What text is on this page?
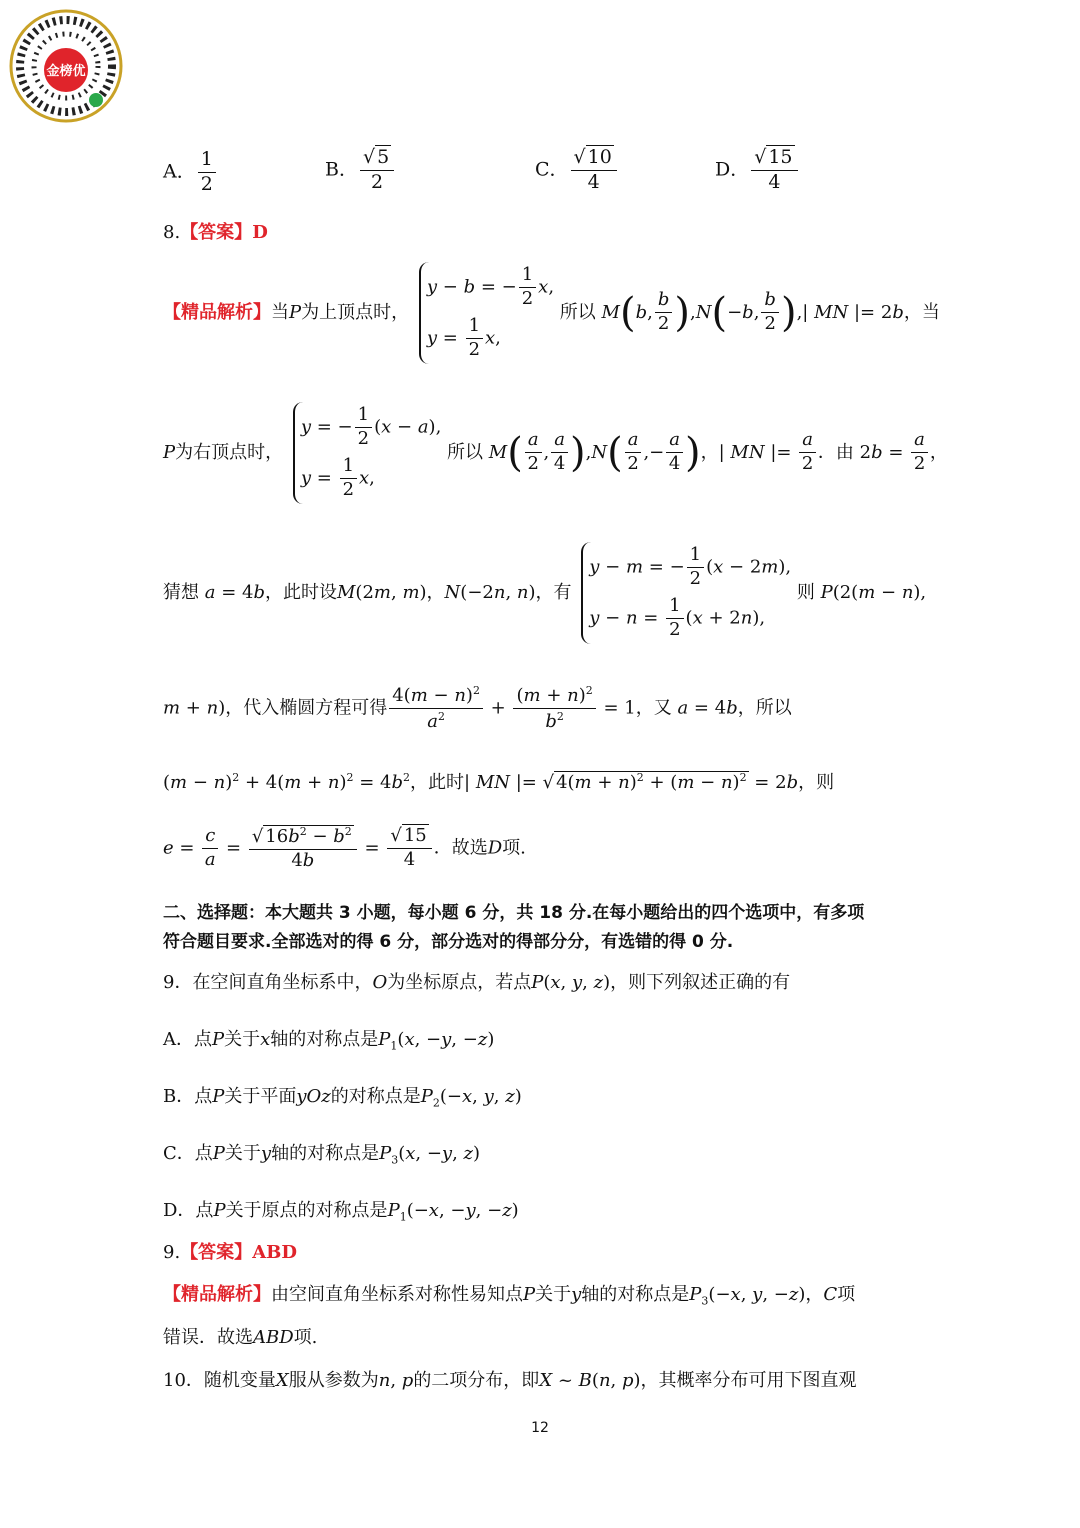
金榜优
A． $\frac{1}{2}$	B． $\frac{√ 5}{2}$	C． $\frac{√ 10}{4}$	D． $\frac{√ 15}{4}$
8.【答案】D
【精品解析】当P为上顶点时，
y − b = − $\frac{1}{2} x$,
$y = \frac{1}{2} x$,
所以 M(b, $\frac{b}{2} ),N(-b$, $\frac{b}{2}$ ),| MN |= 2b，当
P为右顶点时，
y = − $\frac{1}{2} (x - a)$,
$y = \frac{1}{2} x$,
所以 $M( \frac{a}{2}$ , $\frac{a}{4} ),N( \frac{a}{2}$ ,− $\frac{a}{4}$ )，| MN |= $\frac{a}{2}$ ．由 $2b = \frac{a}{2}$ ，
猜想 a = 4b，此时设M(2m, m)，N(−2n, n)，有
y − m = − $\frac{1}{2} (x - 2m)$,
$y - n = \frac{1}{2} (x + 2n)$,
则 P(2(m − n),
m + n)，代入椭圆方程可得 $\frac{4(m - n)^2}{a^2} + \frac{(m + n)^2}{b^2} = 1$，又 a = 4b，所以
$(m - n)^2 + 4(m + n)^2 = 4b^2$，此时| MN |= √ $4(m + n)^2 + (m - n)^2 = 2b$，则
$e = \frac{c}{a} = \frac{√ 16b^2 - b^2}{4b} = \frac{√ 15}{4}$ ．故选D项.
二、选择题：本大题共 3 小题，每小题 6 分，共 18 分.在每小题给出的四个选项中，有多项
符合题目要求.全部选对的得 6 分，部分选对的得部分分，有选错的得 0 分.
9．在空间直角坐标系中，O为坐标原点，若点P(x, y, z)，则下列叙述正确的有
A．点P关于x轴的对称点是$P_1(x$, −y, −z)
B．点P关于平面yOz的对称点是$P_2(-x$, y, z)
C．点P关于y轴的对称点是$P_3(x$, −y, z)
D．点P关于原点的对称点是$P_1(-x$, −y, −z)
9.【答案】ABD
【精品解析】由空间直角坐标系对称性易知点P关于y轴的对称点是$P_3(-x$, y, −z)，C项
错误．故选ABD项.
10．随机变量X服从参数为n, p的二项分布，即X ~ B(n, p)，其概率分布可用下图直观
12
